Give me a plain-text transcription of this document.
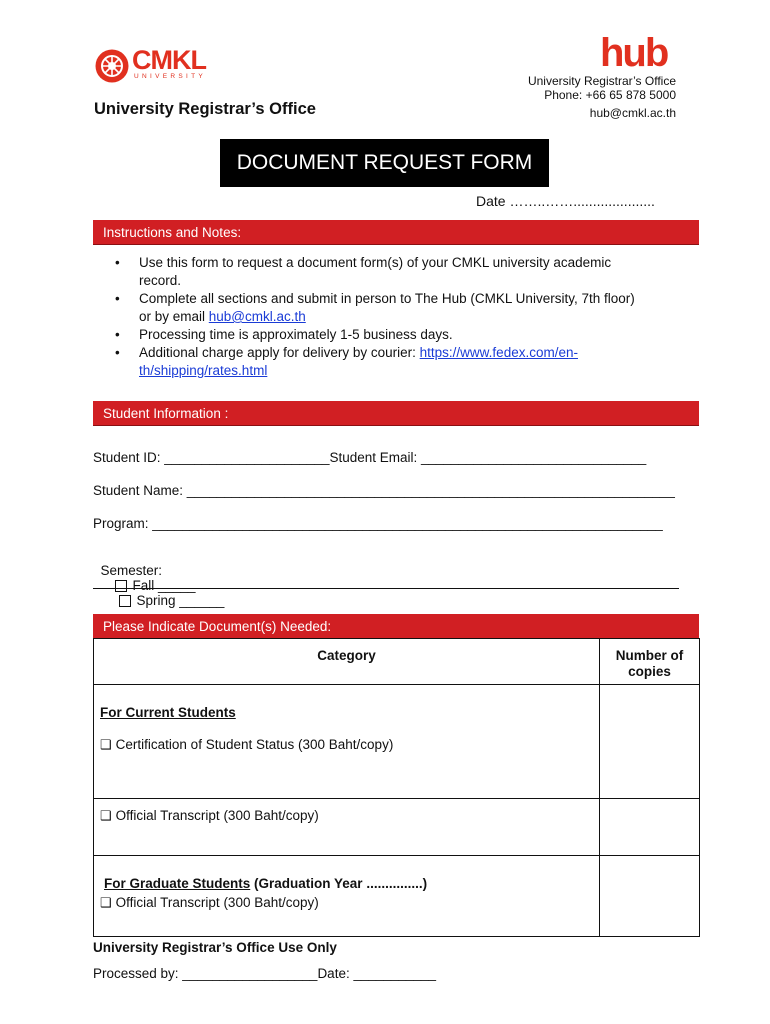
CMKL
UNIVERSITY
hub
University Registrar’s Office
Phone: +66 65 878 5000
hub@cmkl.ac.th
University Registrar’s Office
DOCUMENT REQUEST FORM
Date ……..…….....................
Instructions and Notes:
• Use this form to request a document form(s) of your CMKL university academic record.
• Complete all sections and submit in person to The Hub (CMKL University, 7th floor) or by email hub@cmkl.ac.th
• Processing time is approximately 1-5 business days.
• Additional charge apply for delivery by courier: https://www.fedex.com/en-th/shipping/rates.html
Student Information :
Student ID: ______________________Student Email: ______________________________
Student Name: _________________________________________________________________
Program: ____________________________________________________________________

Semester:
Fall _____
Spring ______

Please Indicate Document(s) Needed:
Category	Number of
copies

For Current Students
❑ Certification of Student Status (300 Baht/copy)	

❑ Official Transcript (300 Baht/copy)	

For Graduate Students (Graduation Year ...............)
❑ Official Transcript (300 Baht/copy)	

University Registrar’s Office Use Only
Processed by: __________________Date: ___________
